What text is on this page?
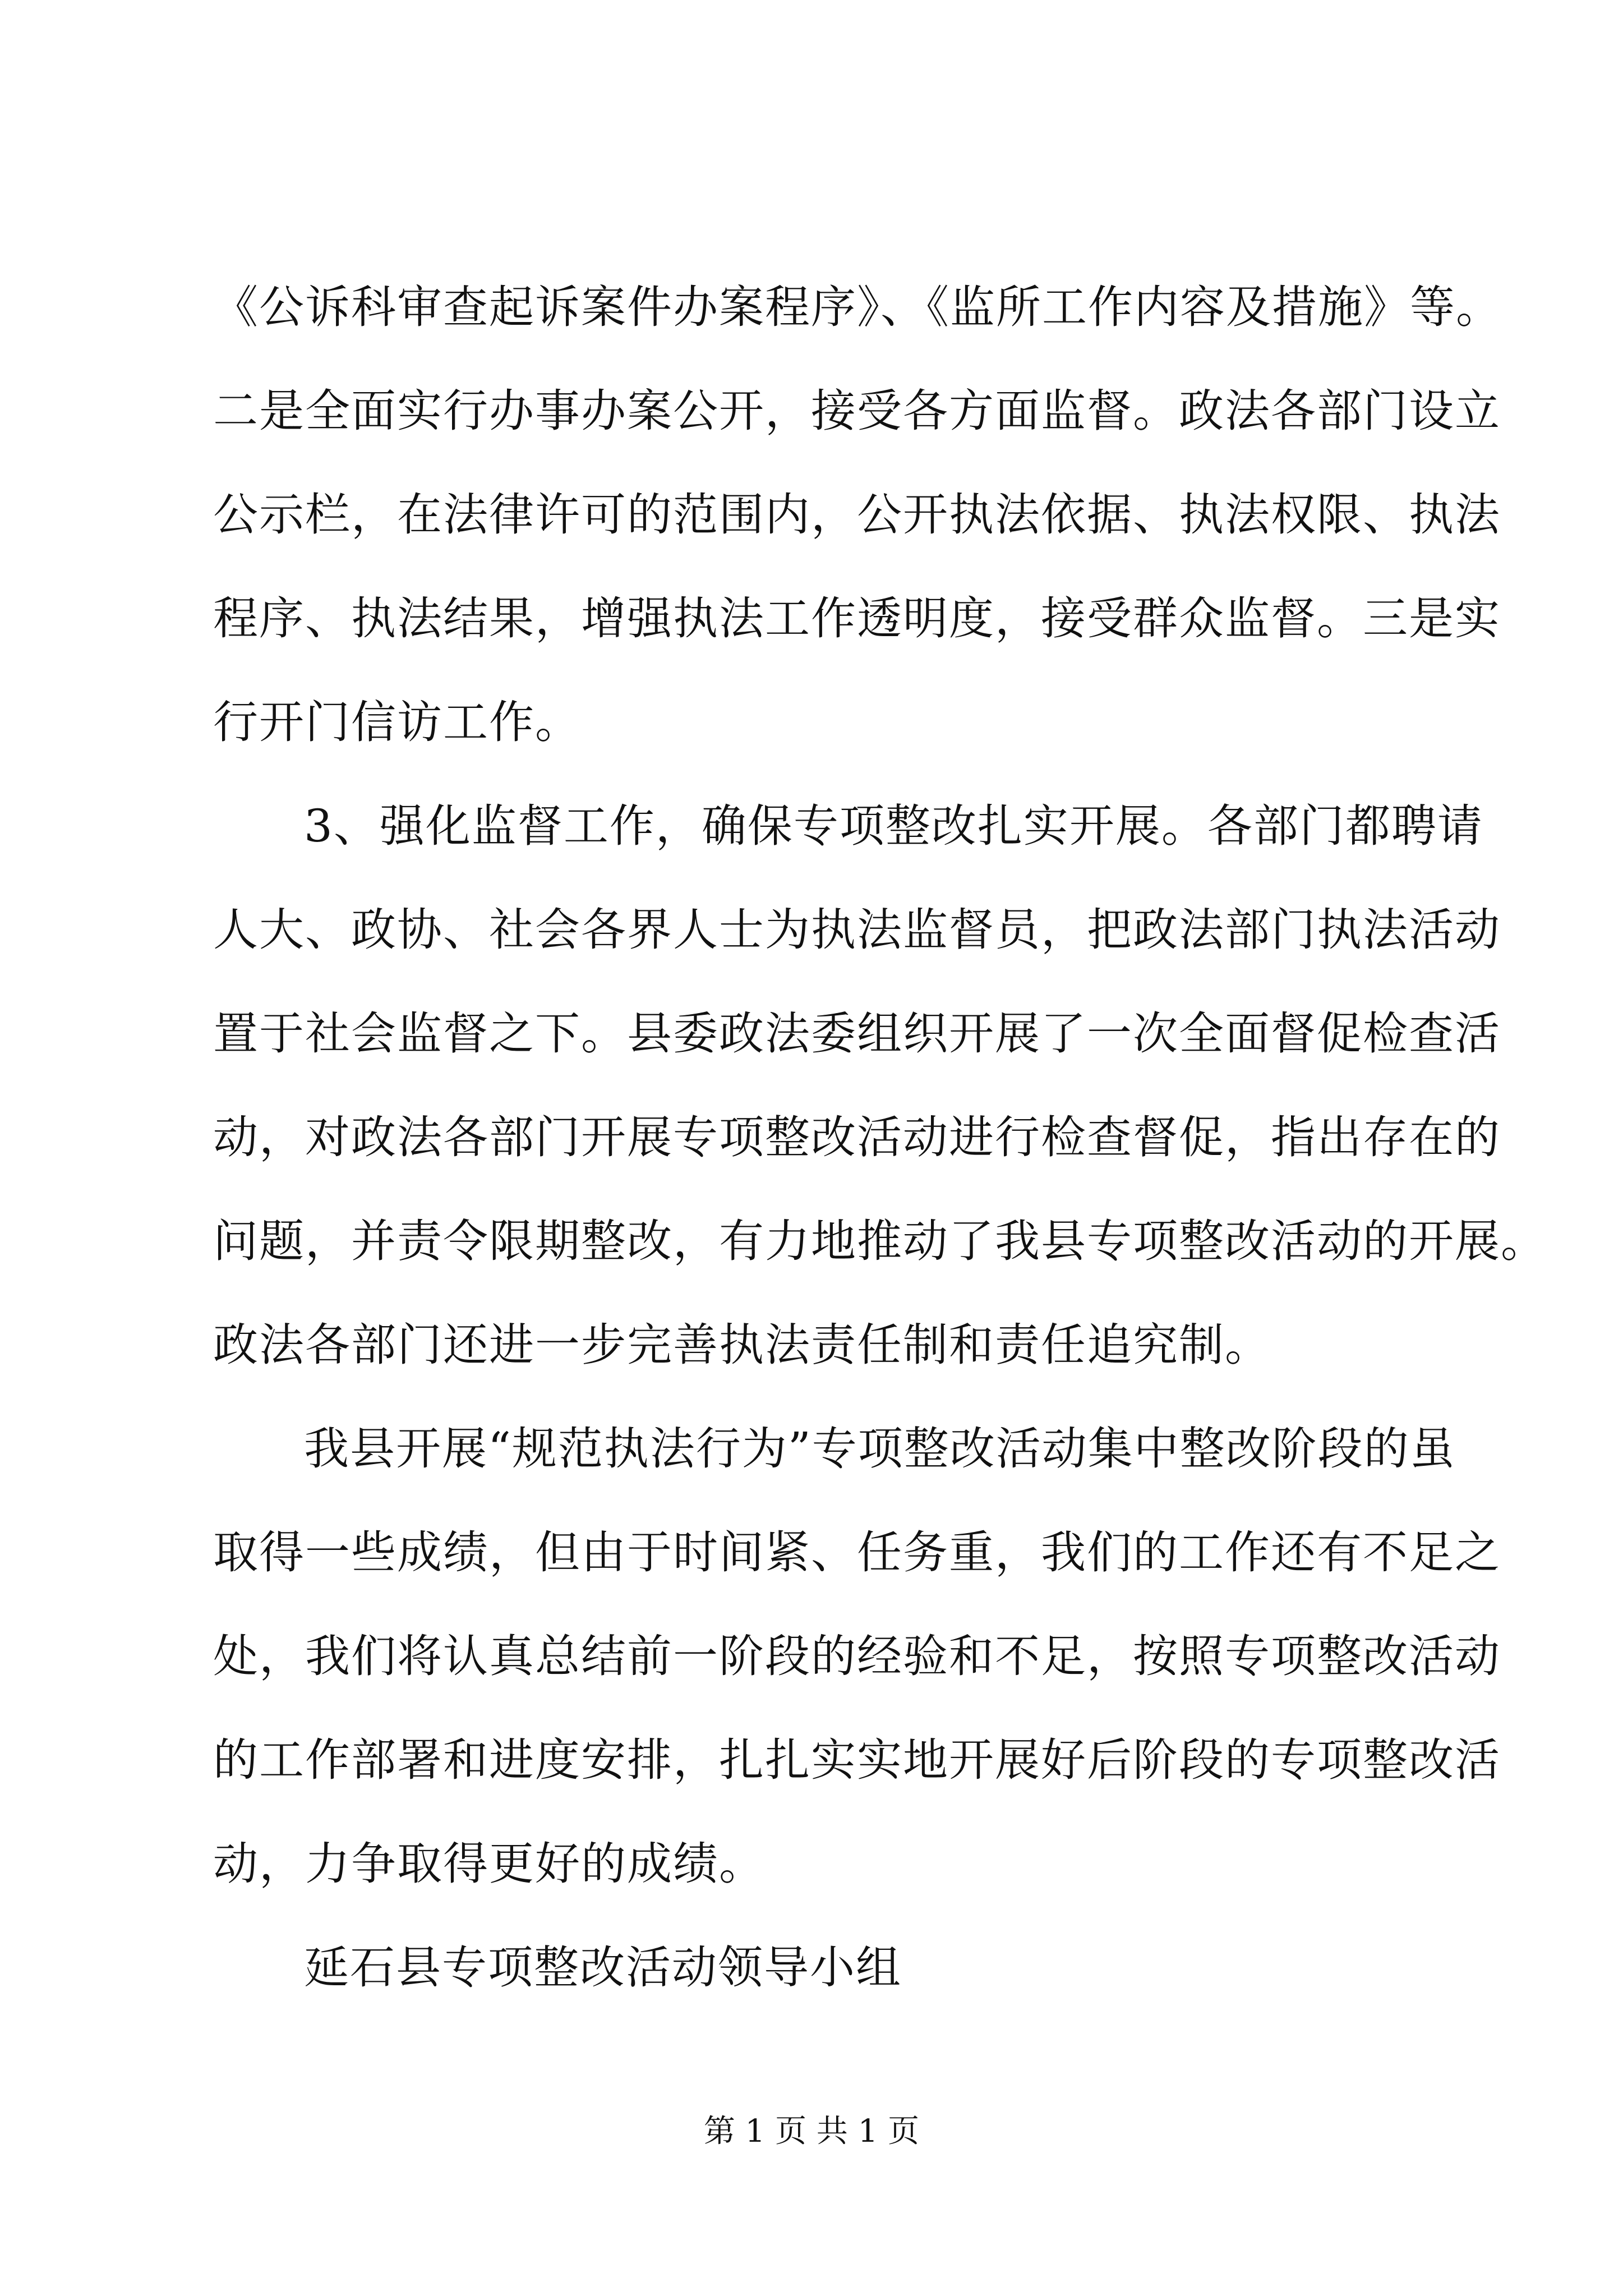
《公诉科审查起诉案件办案程序》、《监所工作内容及措施》等。
二是全面实行办事办案公开，接受各方面监督。政法各部门设立
公示栏，在法律许可的范围内，公开执法依据、执法权限、执法
程序、执法结果，增强执法工作透明度，接受群众监督。三是实
行开门信访工作。
3、强化监督工作，确保专项整改扎实开展。各部门都聘请
人大、政协、社会各界人士为执法监督员，把政法部门执法活动
置于社会监督之下。县委政法委组织开展了一次全面督促检查活
动，对政法各部门开展专项整改活动进行检查督促，指出存在的
问题，并责令限期整改，有力地推动了我县专项整改活动的开展。
政法各部门还进一步完善执法责任制和责任追究制。
我县开展“规范执法行为”专项整改活动集中整改阶段的虽
取得一些成绩，但由于时间紧、任务重，我们的工作还有不足之
处，我们将认真总结前一阶段的经验和不足，按照专项整改活动
的工作部署和进度安排，扎扎实实地开展好后阶段的专项整改活
动，力争取得更好的成绩。
延石县专项整改活动领导小组
第 1 页 共 1 页
